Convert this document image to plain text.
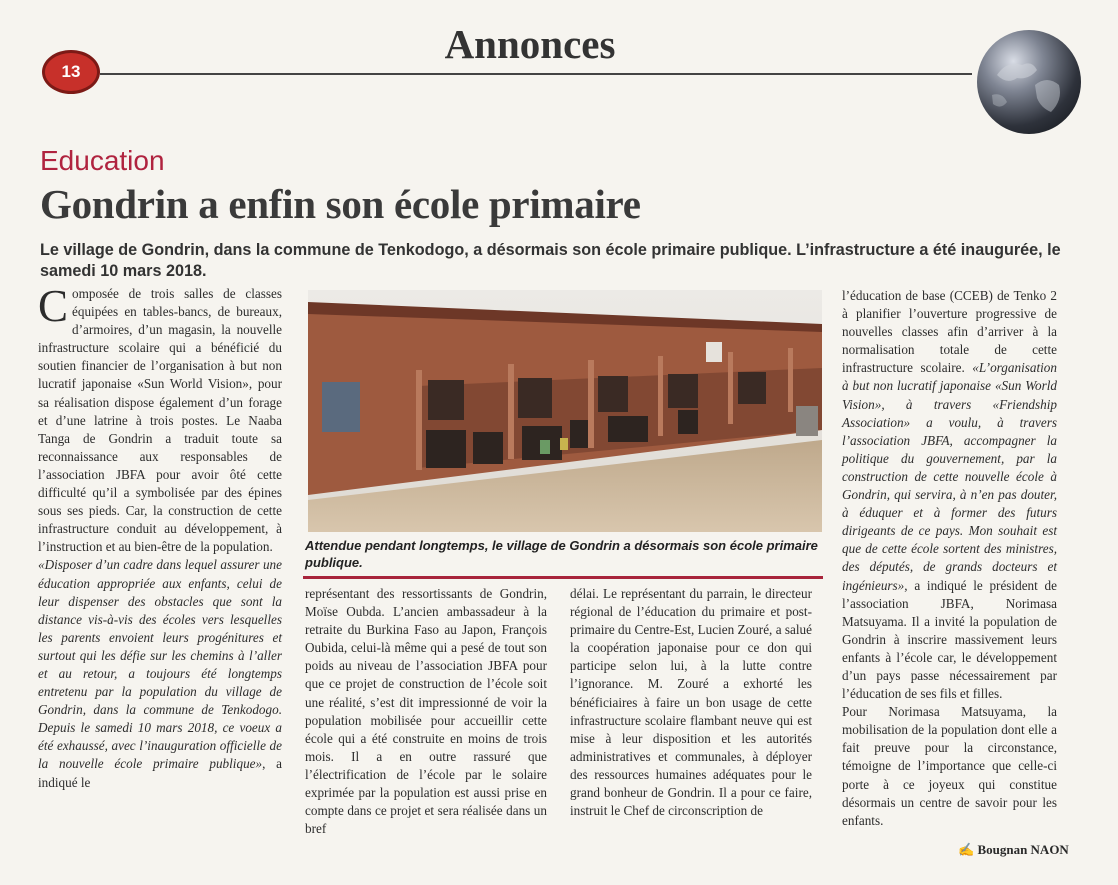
13
Annonces
Education
Gondrin a enfin son école primaire
Le village de Gondrin, dans la commune de Tenkodogo, a désormais son école primaire publique. L’infrastructure a été inaugurée, le samedi 10 mars 2018.

Composée de trois salles de classes équipées en tables-bancs, de bureaux, d’armoires, d’un magasin, la nouvelle infrastructure scolaire qui a bénéficié du soutien financier de l’organisation à but non lucratif japonaise «Sun World Vision», pour sa réalisation dispose également d’un forage et d’une latrine à trois postes. Le Naaba Tanga de Gondrin a traduit toute sa reconnaissance aux responsables de l’association JBFA pour avoir ôté cette difficulté qu’il a symbolisée par des épines sous ses pieds. Car, la construction de cette infrastructure conduit au développement, à l’instruction et au bien-être de la population.

«Disposer d’un cadre dans lequel assurer une éducation appropriée aux enfants, celui de leur dispenser des obstacles que sont la distance vis-à-vis des écoles vers lesquelles les parents envoient leurs progénitures et surtout qui les défie sur les chemins à l’aller et au retour, a toujours été longtemps entretenu par la population du village de Gondrin, dans la commune de Tenkodogo. Depuis le samedi 10 mars 2018, ce voeux a été exhaussé, avec l’inauguration officielle de la nouvelle école primaire publique», a indiqué le

Attendue pendant longtemps, le village de Gondrin a désormais son école primaire publique.

représentant des ressortissants de Gondrin, Moïse Oubda. L’ancien ambassadeur à la retraite du Burkina Faso au Japon, François Oubida, celui-là même qui a pesé de tout son poids au niveau de l’association JBFA pour que ce projet de construction de l’école soit une réalité, s’est dit impressionné de voir la population mobilisée pour accueillir cette école qui a été construite en moins de trois mois. Il a en outre rassuré que l’électrification de l’école par le solaire exprimée par la population est aussi prise en compte dans ce projet et sera réalisée dans un bref

délai. Le représentant du parrain, le directeur régional de l’éducation du primaire et post-primaire du Centre-Est, Lucien Zouré, a salué la coopération japonaise pour ce don qui participe selon lui, à la lutte contre l’ignorance. M. Zouré a exhorté les bénéficiaires à faire un bon usage de cette infrastructure scolaire flambant neuve qui est mise à leur disposition et les autorités administratives et communales, à déployer des ressources humaines adéquates pour le grand bonheur de Gondrin. Il a pour ce faire, instruit le Chef de circonscription de

l’éducation de base (CCEB) de Tenko 2 à planifier l’ouverture progressive de nouvelles classes afin d’arriver à la normalisation totale de cette infrastructure scolaire. «L’organisation à but non lucratif japonaise «Sun World Vision», à travers «Friendship Association» a voulu, à travers l’association JBFA, accompagner la politique du gouvernement, par la construction de cette nouvelle école à Gondrin, qui servira, à n’en pas douter, à éduquer et à former des futurs dirigeants de ce pays. Mon souhait est que de cette école sortent des ministres, des députés, de grands docteurs et ingénieurs», a indiqué le président de l’association JBFA, Norimasa Matsuyama. Il a invité la population de Gondrin à inscrire massivement leurs enfants à l’école car, le développement d’un pays passe nécessairement par l’éducation de ses fils et filles.

Pour Norimasa Matsuyama, la mobilisation de la population dont elle a fait preuve pour la circonstance, témoigne de l’importance que celle-ci porte à ce joyeux qui constitue désormais un centre de savoir pour les enfants.

✍ Bougnan NAON
